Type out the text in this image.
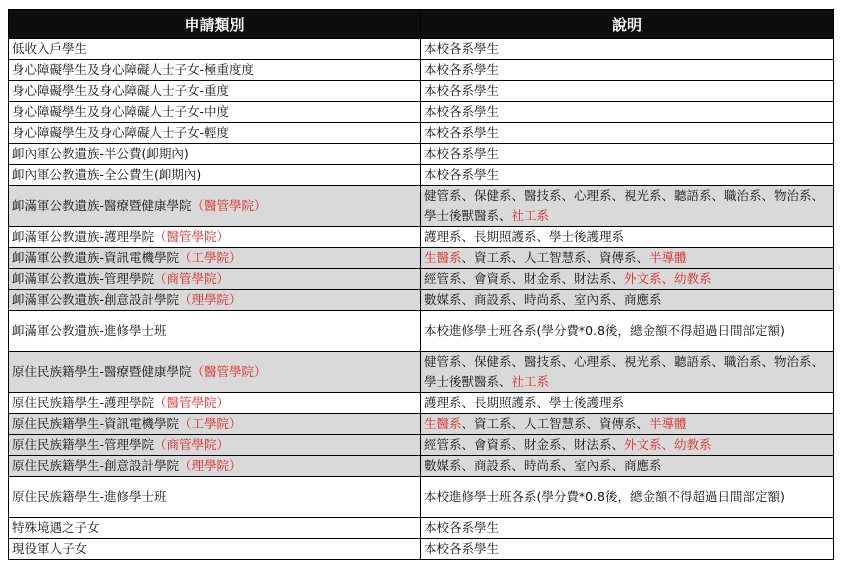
申請類別	說明
低收入戶學生	本校各系學生
身心障礙學生及身心障礙人士子女-極重度度	本校各系學生
身心障礙學生及身心障礙人士子女-重度	本校各系學生
身心障礙學生及身心障礙人士子女-中度	本校各系學生
身心障礙學生及身心障礙人士子女-輕度	本校各系學生
卹內軍公教遺族-半公費(卹期內)	本校各系學生
卹內軍公教遺族-全公費生(卹期內)	本校各系學生
卹滿軍公教遺族-醫療暨健康學院（醫管學院）	健管系、保健系、醫技系、心理系、視光系、聽語系、職治系、物治系、學士後獸醫系、社工系
卹滿軍公教遺族-護理學院（醫管學院）	護理系、長期照護系、學士後護理系
卹滿軍公教遺族-資訊電機學院（工學院）	生醫系、資工系、人工智慧系、資傳系、半導體
卹滿軍公教遺族-管理學院（商管學院）	經管系、會資系、財金系、財法系、外文系、幼教系
卹滿軍公教遺族-創意設計學院（理學院）	數媒系、商設系、時尚系、室內系、商應系
卹滿軍公教遺族-進修學士班	本校進修學士班各系(學分費*0.8後，總金額不得超過日間部定額)
原住民族籍學生-醫療暨健康學院（醫管學院）	健管系、保健系、醫技系、心理系、視光系、聽語系、職治系、物治系、學士後獸醫系、社工系
原住民族籍學生-護理學院（醫管學院）	護理系、長期照護系、學士後護理系
原住民族籍學生-資訊電機學院（工學院）	生醫系、資工系、人工智慧系、資傳系、半導體
原住民族籍學生-管理學院（商管學院）	經管系、會資系、財金系、財法系、外文系、幼教系
原住民族籍學生-創意設計學院（理學院）	數媒系、商設系、時尚系、室內系、商應系
原住民族籍學生-進修學士班	本校進修學士班各系(學分費*0.8後，總金額不得超過日間部定額)
特殊境遇之子女	本校各系學生
現役軍人子女	本校各系學生
